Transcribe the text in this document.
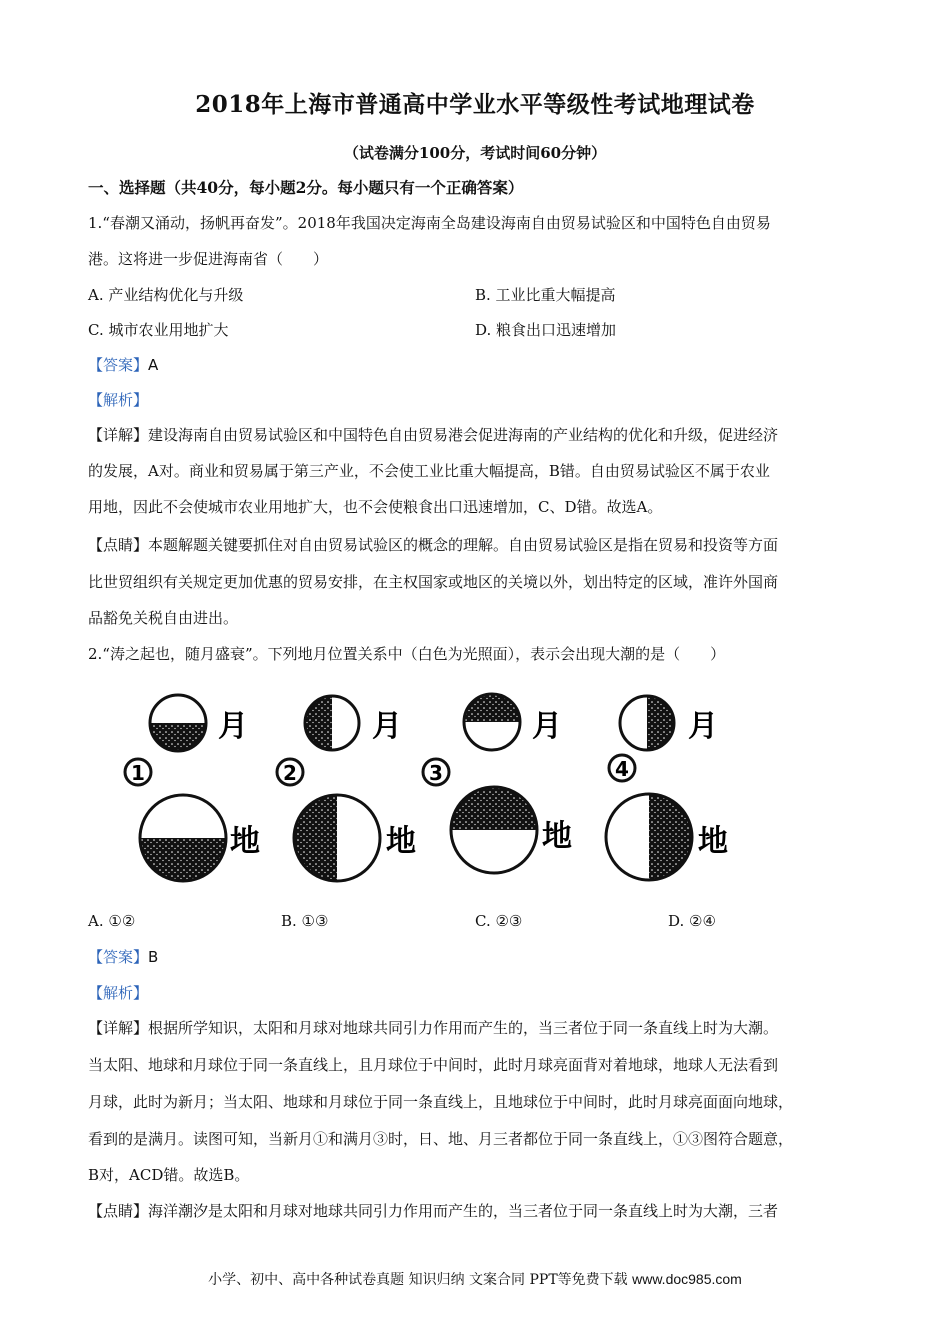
2018年上海市普通高中学业水平等级性考试地理试卷
（试卷满分100分，考试时间60分钟）
一、选择题（共40分，每小题2分。每小题只有一个正确答案）
1.“春潮又涌动，扬帆再奋发”。2018年我国决定海南全岛建设海南自由贸易试验区和中国特色自由贸易
港。这将进一步促进海南省（　　）
A. 产业结构优化与升级	B. 工业比重大幅提高
C. 城市农业用地扩大	D. 粮食出口迅速增加
【答案】A
【解析】
【详解】建设海南自由贸易试验区和中国特色自由贸易港会促进海南的产业结构的优化和升级，促进经济
的发展，A对。商业和贸易属于第三产业，不会使工业比重大幅提高，B错。自由贸易试验区不属于农业
用地，因此不会使城市农业用地扩大，也不会使粮食出口迅速增加，C、D错。故选A。
【点睛】本题解题关键要抓住对自由贸易试验区的概念的理解。自由贸易试验区是指在贸易和投资等方面
比世贸组织有关规定更加优惠的贸易安排，在主权国家或地区的关境以外，划出特定的区域，准许外国商
品豁免关税自由进出。
2.“涛之起也，随月盛衰”。下列地月位置关系中（白色为光照面），表示会出现大潮的是（　　）
月
1
地
月
2
地
月
3
地
月
4
地
A. ①②	B. ①③	C. ②③	D. ②④
【答案】B
【解析】
【详解】根据所学知识，太阳和月球对地球共同引力作用而产生的，当三者位于同一条直线上时为大潮。
当太阳、地球和月球位于同一条直线上，且月球位于中间时，此时月球亮面背对着地球，地球人无法看到
月球，此时为新月；当太阳、地球和月球位于同一条直线上，且地球位于中间时，此时月球亮面面向地球，
看到的是满月。读图可知，当新月①和满月③时，日、地、月三者都位于同一条直线上，①③图符合题意，
B对，ACD错。故选B。
【点睛】海洋潮汐是太阳和月球对地球共同引力作用而产生的，当三者位于同一条直线上时为大潮，三者
小学、初中、高中各种试卷真题 知识归纳 文案合同 PPT等免费下载 www.doc985.com
